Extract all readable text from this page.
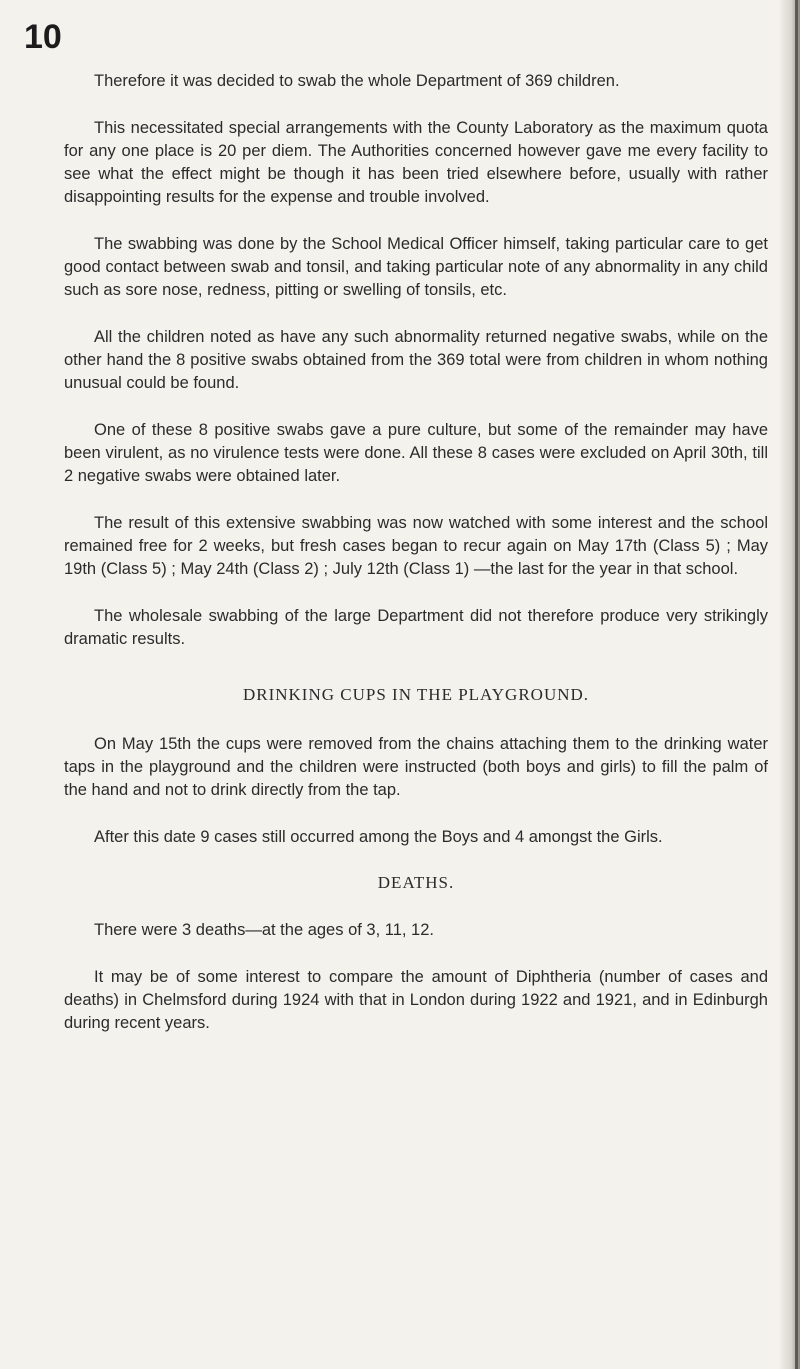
10

Therefore it was decided to swab the whole Department of 369 children.

This necessitated special arrangements with the County Laboratory as the maximum quota for any one place is 20 per diem. The Authorities concerned however gave me every facility to see what the effect might be though it has been tried elsewhere before, usually with rather disappointing results for the expense and trouble involved.

The swabbing was done by the School Medical Officer himself, taking particular care to get good contact between swab and tonsil, and taking particular note of any abnormality in any child such as sore nose, redness, pitting or swelling of tonsils, etc.

All the children noted as have any such abnormality returned negative swabs, while on the other hand the 8 positive swabs obtained from the 369 total were from children in whom nothing unusual could be found.

One of these 8 positive swabs gave a pure culture, but some of the remainder may have been virulent, as no virulence tests were done. All these 8 cases were excluded on April 30th, till 2 negative swabs were obtained later.

The result of this extensive swabbing was now watched with some interest and the school remained free for 2 weeks, but fresh cases began to recur again on May 17th (Class 5) ; May 19th (Class 5) ; May 24th (Class 2) ; July 12th (Class 1) —the last for the year in that school.

The wholesale swabbing of the large Department did not therefore produce very strikingly dramatic results.

DRINKING CUPS IN THE PLAYGROUND.

On May 15th the cups were removed from the chains attaching them to the drinking water taps in the playground and the children were instructed (both boys and girls) to fill the palm of the hand and not to drink directly from the tap.

After this date 9 cases still occurred among the Boys and 4 amongst the Girls.

DEATHS.

There were 3 deaths—at the ages of 3, 11, 12.

It may be of some interest to compare the amount of Diphtheria (number of cases and deaths) in Chelmsford during 1924 with that in London during 1922 and 1921, and in Edinburgh during recent years.
